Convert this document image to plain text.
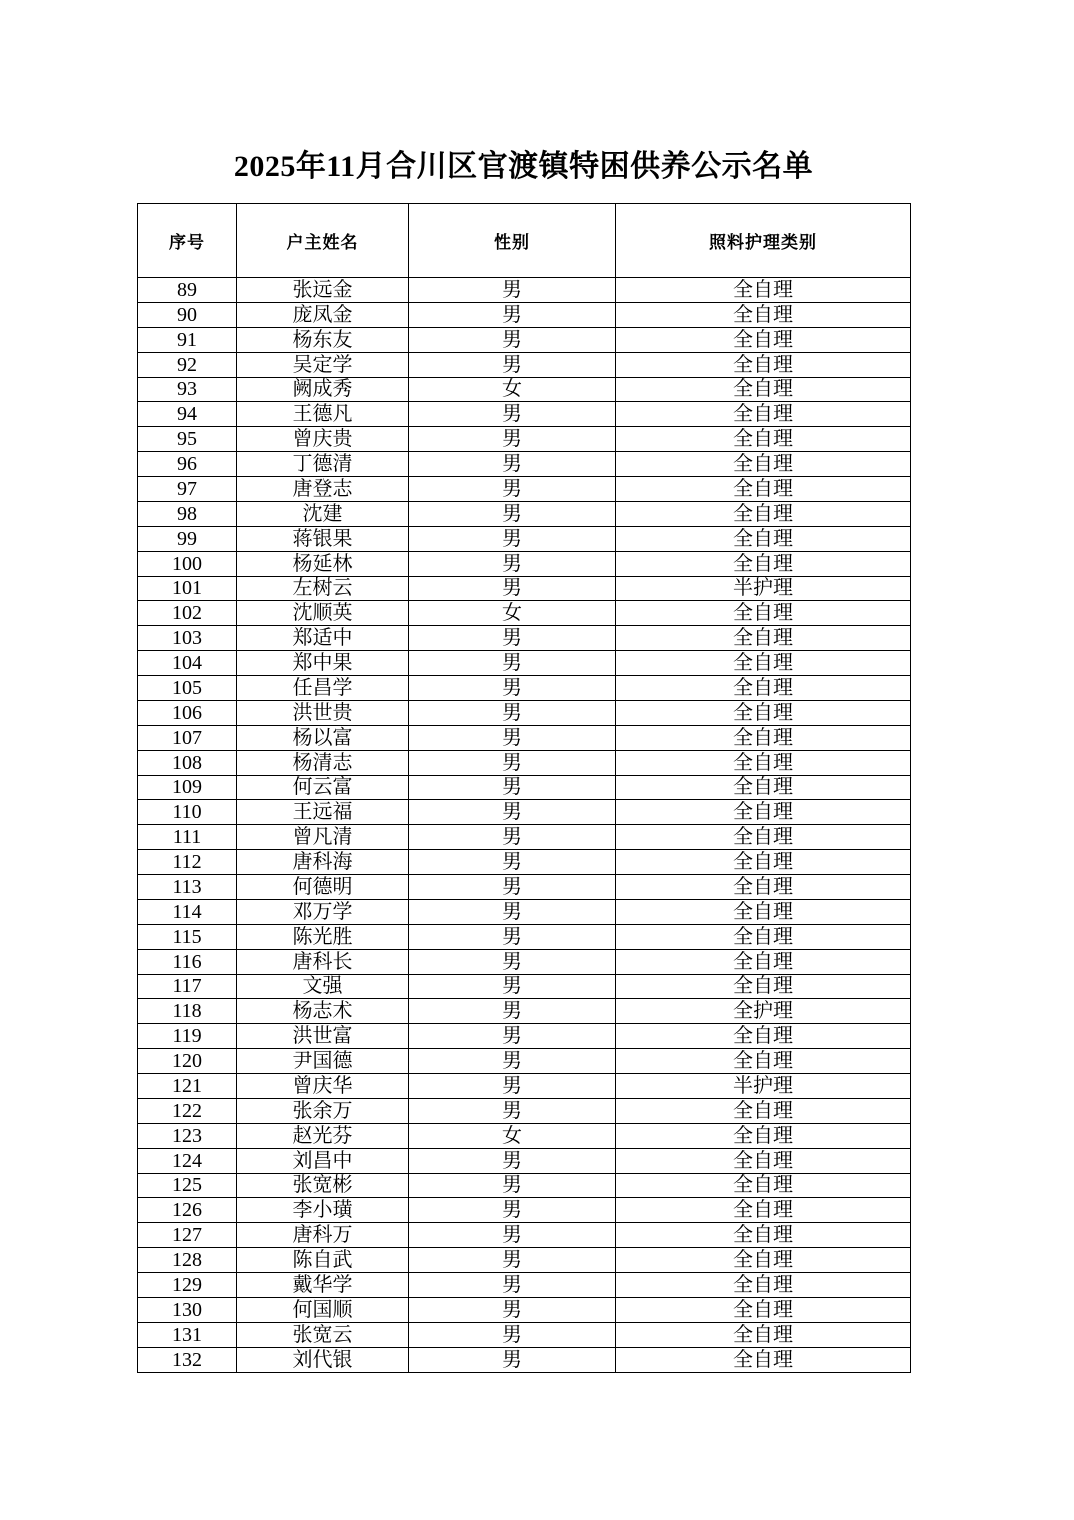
2025年11月合川区官渡镇特困供养公示名单
序号	户主姓名	性别	照料护理类别
89	张远金	男	全自理
90	庞凤金	男	全自理
91	杨东友	男	全自理
92	吴定学	男	全自理
93	阙成秀	女	全自理
94	王德凡	男	全自理
95	曾庆贵	男	全自理
96	丁德清	男	全自理
97	唐登志	男	全自理
98	沈建	男	全自理
99	蒋银果	男	全自理
100	杨延林	男	全自理
101	左树云	男	半护理
102	沈顺英	女	全自理
103	郑适中	男	全自理
104	郑中果	男	全自理
105	任昌学	男	全自理
106	洪世贵	男	全自理
107	杨以富	男	全自理
108	杨清志	男	全自理
109	何云富	男	全自理
110	王远福	男	全自理
111	曾凡清	男	全自理
112	唐科海	男	全自理
113	何德明	男	全自理
114	邓万学	男	全自理
115	陈光胜	男	全自理
116	唐科长	男	全自理
117	文强	男	全自理
118	杨志术	男	全护理
119	洪世富	男	全自理
120	尹国德	男	全自理
121	曾庆华	男	半护理
122	张余万	男	全自理
123	赵光芬	女	全自理
124	刘昌中	男	全自理
125	张宽彬	男	全自理
126	李小璜	男	全自理
127	唐科万	男	全自理
128	陈自武	男	全自理
129	戴华学	男	全自理
130	何国顺	男	全自理
131	张宽云	男	全自理
132	刘代银	男	全自理
